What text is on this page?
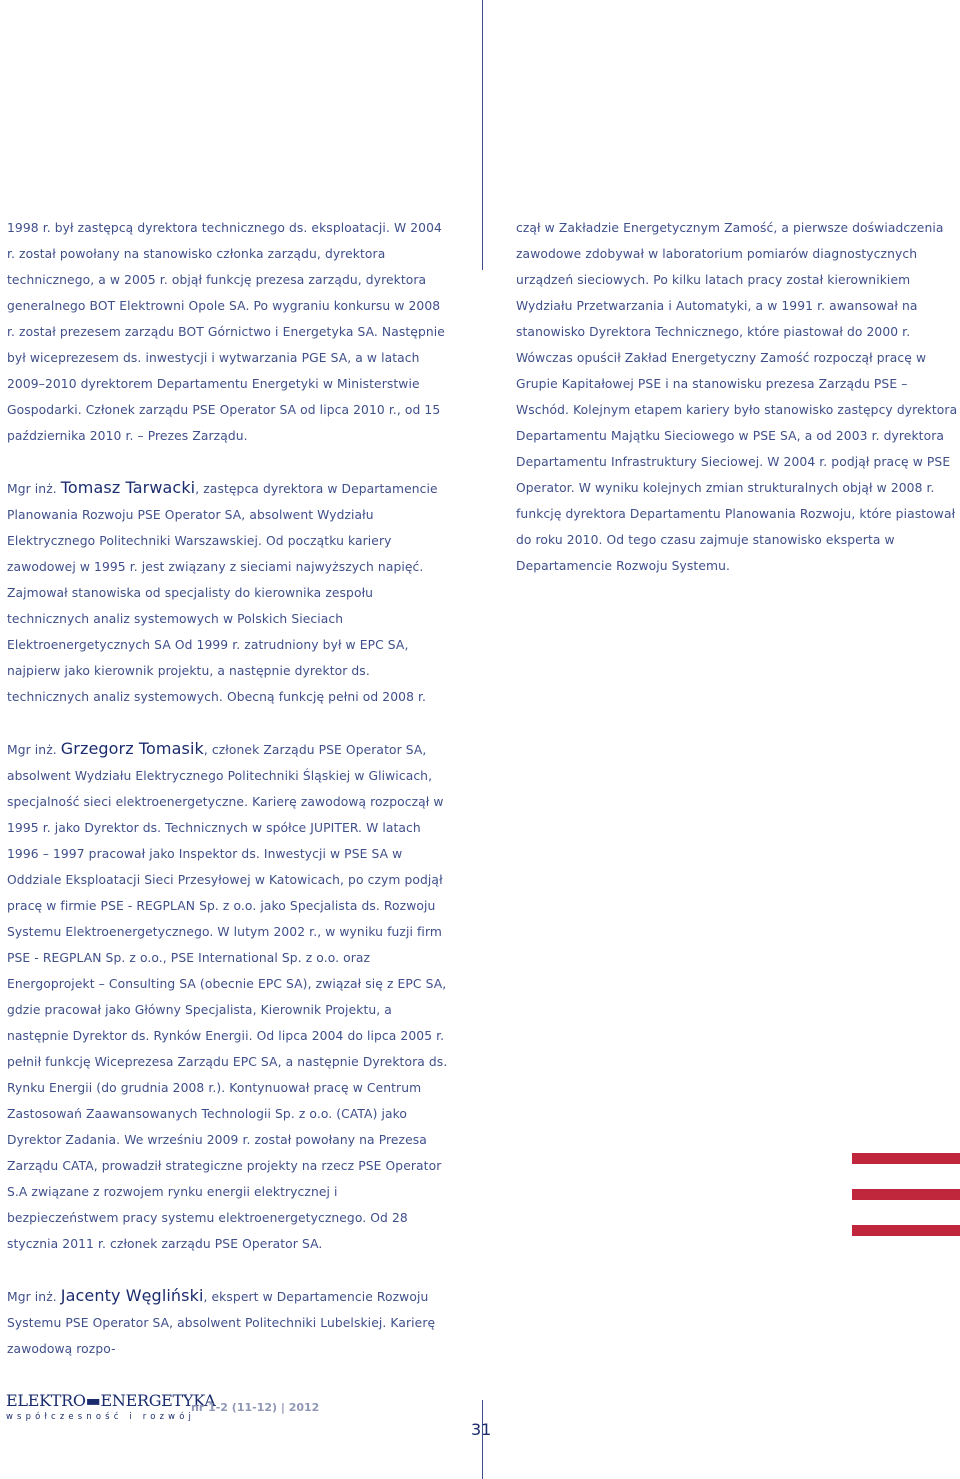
1998 r. był zastępcą dyrektora technicznego ds. eksploatacji. W 2004 r. został powołany na stanowisko członka zarządu, dyrektora technicznego, a w 2005 r. objął funkcję prezesa zarządu, dyrektora generalnego BOT Elektrowni Opole SA. Po wygraniu konkursu w 2008 r. został prezesem zarządu BOT Górnictwo i Energetyka SA. Następnie był wiceprezesem ds. inwestycji i wytwarzania PGE SA, a w latach 2009–2010 dyrektorem Departamentu Energetyki w Ministerstwie Gospodarki. Członek zarządu PSE Operator SA od lipca 2010 r., od 15 października 2010 r. – Prezes Zarządu.

Mgr inż. Tomasz Tarwacki, zastępca dyrektora w Departamencie Planowania Rozwoju PSE Operator SA, absolwent Wydziału Elektrycznego Politechniki Warszawskiej. Od początku kariery zawodowej w 1995 r. jest związany z sieciami najwyższych napięć. Zajmował stanowiska od specjalisty do kierownika zespołu technicznych analiz systemowych w Polskich Sieciach Elektroenergetycznych SA Od 1999 r. zatrudniony był w EPC SA, najpierw jako kierownik projektu, a następnie dyrektor ds. technicznych analiz systemowych. Obecną funkcję pełni od 2008 r.

Mgr inż. Grzegorz Tomasik, członek Zarządu PSE Operator SA, absolwent Wydziału Elektrycznego Politechniki Śląskiej w Gliwicach, specjalność sieci elektroenergetyczne. Karierę zawodową rozpoczął w 1995 r. jako Dyrektor ds. Technicznych w spółce JUPITER. W latach 1996 – 1997 pracował jako Inspektor ds. Inwestycji w PSE SA w Oddziale Eksploatacji Sieci Przesyłowej w Katowicach, po czym podjął pracę w firmie PSE - REGPLAN Sp. z o.o. jako Specjalista ds. Rozwoju Systemu Elektroenergetycznego. W lutym 2002 r., w wyniku fuzji firm PSE - REGPLAN Sp. z o.o., PSE International Sp. z o.o. oraz Energoprojekt – Consulting SA (obecnie EPC SA), związał się z EPC SA, gdzie pracował jako Główny Specjalista, Kierownik Projektu, a następnie Dyrektor ds. Rynków Energii. Od lipca 2004 do lipca 2005 r. pełnił funkcję Wiceprezesa Zarządu EPC SA, a następnie Dyrektora ds. Rynku Energii (do grudnia 2008 r.). Kontynuował pracę w Centrum Zastosowań Zaawansowanych Technologii Sp. z o.o. (CATA) jako Dyrektor Zadania. We wrześniu 2009 r. został powołany na Prezesa Zarządu CATA, prowadził strategiczne projekty na rzecz PSE Operator S.A związane z rozwojem rynku energii elektrycznej i bezpieczeństwem pracy systemu elektroenergetycznego. Od 28 stycznia 2011 r. członek zarządu PSE Operator SA.

Mgr inż. Jacenty Węgliński, ekspert w Departamencie Rozwoju Systemu PSE Operator SA, absolwent Politechniki Lubelskiej. Karierę zawodową rozpo-

czął w Zakładzie Energetycznym Zamość, a pierwsze doświadczenia zawodowe zdobywał w laboratorium pomiarów diagnostycznych urządzeń sieciowych. Po kilku latach pracy został kierownikiem Wydziału Przetwarzania i Automatyki, a w 1991 r. awansował na stanowisko Dyrektora Technicznego, które piastował do 2000 r. Wówczas opuścił Zakład Energetyczny Zamość rozpoczął pracę w Grupie Kapitałowej PSE i na stanowisku prezesa Zarządu PSE – Wschód. Kolejnym etapem kariery było stanowisko zastępcy dyrektora Departamentu Majątku Sieciowego w PSE SA, a od 2003 r. dyrektora Departamentu Infrastruktury Sieciowej. W 2004 r. podjął pracę w PSE Operator. W wyniku kolejnych zmian strukturalnych objął w 2008 r. funkcję dyrektora Departamentu Planowania Rozwoju, które piastował do roku 2010. Od tego czasu zajmuje stanowisko eksperta w Departamencie Rozwoju Systemu.

ELEKTRO▬ENERGETYKA
współczesność i rozwój
nr 1-2 (11-12) | 2012
31
